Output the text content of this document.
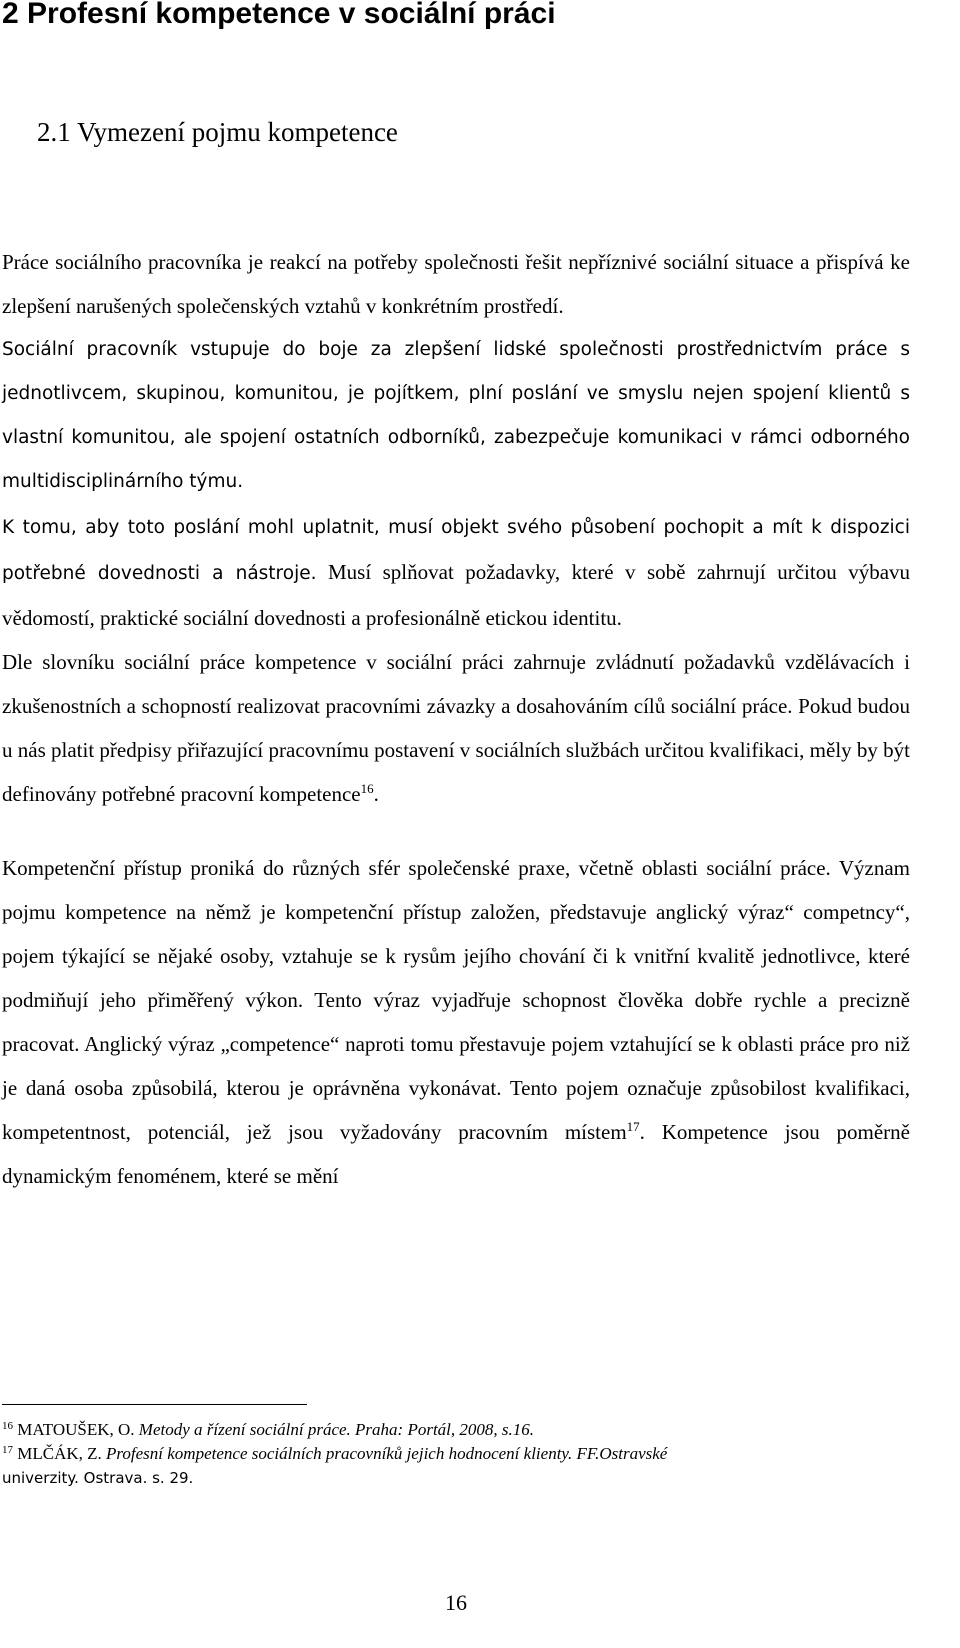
2 Profesní kompetence v sociální práci
2.1 Vymezení pojmu kompetence

Práce sociálního pracovníka je reakcí na potřeby společnosti řešit nepříznivé sociální situace a přispívá ke zlepšení narušených společenských vztahů v konkrétním prostředí.

Sociální pracovník vstupuje do boje za zlepšení lidské společnosti prostřednictvím práce s jednotlivcem, skupinou, komunitou, je pojítkem, plní poslání ve smyslu nejen spojení klientů s vlastní komunitou, ale spojení ostatních odborníků, zabezpečuje komunikaci v rámci odborného multidisciplinárního týmu.

K tomu, aby toto poslání mohl uplatnit, musí objekt svého působení pochopit a mít k dispozici potřebné dovednosti a nástroje. Musí splňovat požadavky, které v sobě zahrnují určitou výbavu vědomostí, praktické sociální dovednosti a profesionálně etickou identitu.

Dle slovníku sociální práce kompetence v sociální práci zahrnuje zvládnutí požadavků vzdělávacích i zkušenostních a schopností realizovat pracovními závazky a dosahováním cílů sociální práce. Pokud budou u nás platit předpisy přiřazující pracovnímu postavení v sociálních službách určitou kvalifikaci, měly by být definovány potřebné pracovní kompetence$^{16}$.

Kompetenční přístup proniká do různých sfér společenské praxe, včetně oblasti sociální práce. Význam pojmu kompetence na němž je kompetenční přístup založen, představuje anglický výraz“ competncy“, pojem týkající se nějaké osoby, vztahuje se k rysům jejího chování či k vnitřní kvalitě jednotlivce, které podmiňují jeho přiměřený výkon. Tento výraz vyjadřuje schopnost člověka dobře rychle a precizně pracovat. Anglický výraz „competence“ naproti tomu přestavuje pojem vztahující se k oblasti práce pro niž je daná osoba způsobilá, kterou je oprávněna vykonávat. Tento pojem označuje způsobilost kvalifikaci, kompetentnost, potenciál, jež jsou vyžadovány pracovním místem$^{17}$. Kompetence jsou poměrně dynamickým fenoménem, které se mění

$^{16}$ MATOUŠEK, O. Metody a řízení sociální práce. Praha: Portál, 2008, s.16.

$^{17}$ MLČÁK, Z. Profesní kompetence sociálních pracovníků jejich hodnocení klienty. FF.Ostravské

univerzity. Ostrava. s. 29.

16
